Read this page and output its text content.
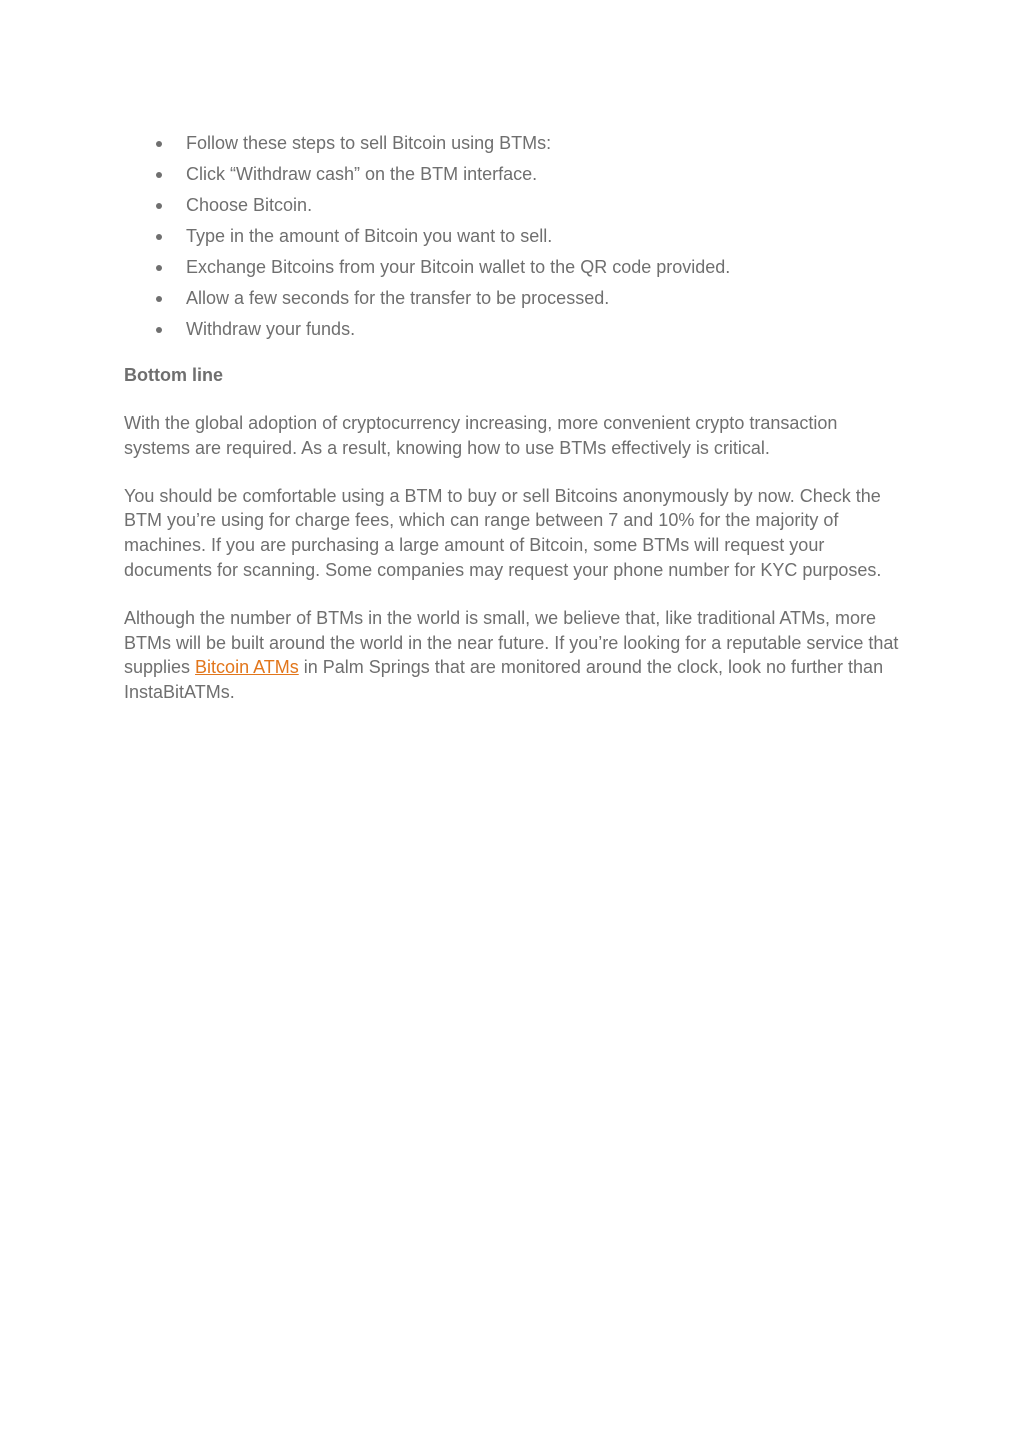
Follow these steps to sell Bitcoin using BTMs:
Click “Withdraw cash” on the BTM interface.
Choose Bitcoin.
Type in the amount of Bitcoin you want to sell.
Exchange Bitcoins from your Bitcoin wallet to the QR code provided.
Allow a few seconds for the transfer to be processed.
Withdraw your funds.
Bottom line

With the global adoption of cryptocurrency increasing, more convenient crypto transaction systems are required. As a result, knowing how to use BTMs effectively is critical.

You should be comfortable using a BTM to buy or sell Bitcoins anonymously by now. Check the BTM you’re using for charge fees, which can range between 7 and 10% for the majority of machines. If you are purchasing a large amount of Bitcoin, some BTMs will request your documents for scanning. Some companies may request your phone number for KYC purposes.

Although the number of BTMs in the world is small, we believe that, like traditional ATMs, more BTMs will be built around the world in the near future. If you’re looking for a reputable service that supplies Bitcoin ATMs in Palm Springs that are monitored around the clock, look no further than InstaBitATMs.
